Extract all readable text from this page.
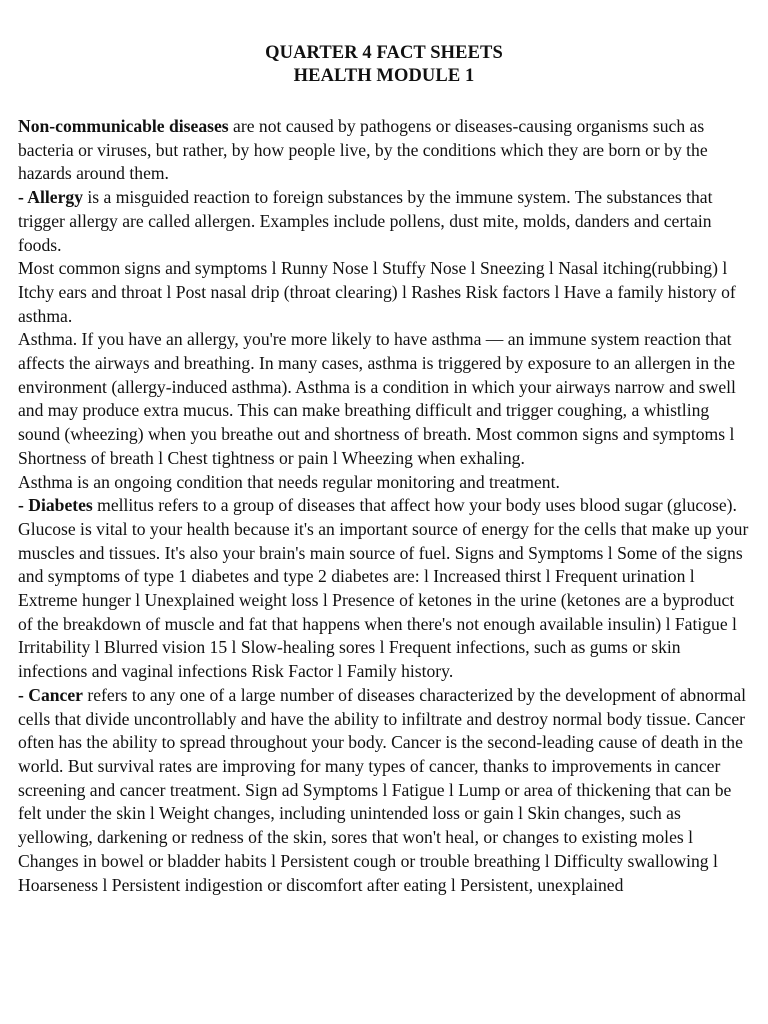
QUARTER 4 FACT SHEETS
HEALTH MODULE 1

Non-communicable diseases are not caused by pathogens or diseases-causing organisms such as bacteria or viruses, but rather, by how people live, by the conditions which they are born or by the hazards around them.

- Allergy is a misguided reaction to foreign substances by the immune system. The substances that trigger allergy are called allergen. Examples include pollens, dust mite, molds, danders and certain foods.

Most common signs and symptoms l Runny Nose l Stuffy Nose l Sneezing l Nasal itching(rubbing) l Itchy ears and throat l Post nasal drip (throat clearing) l Rashes Risk factors l Have a family history of asthma.

Asthma. If you have an allergy, you're more likely to have asthma — an immune system reaction that affects the airways and breathing. In many cases, asthma is triggered by exposure to an allergen in the environment (allergy-induced asthma). Asthma is a condition in which your airways narrow and swell and may produce extra mucus. This can make breathing difficult and trigger coughing, a whistling sound (wheezing) when you breathe out and shortness of breath. Most common signs and symptoms l Shortness of breath l Chest tightness or pain l Wheezing when exhaling.

Asthma is an ongoing condition that needs regular monitoring and treatment.

- Diabetes mellitus refers to a group of diseases that affect how your body uses blood sugar (glucose). Glucose is vital to your health because it's an important source of energy for the cells that make up your muscles and tissues. It's also your brain's main source of fuel. Signs and Symptoms l Some of the signs and symptoms of type 1 diabetes and type 2 diabetes are: l Increased thirst l Frequent urination l Extreme hunger l Unexplained weight loss l Presence of ketones in the urine (ketones are a byproduct of the breakdown of muscle and fat that happens when there's not enough available insulin) l Fatigue l Irritability l Blurred vision 15 l Slow-healing sores l Frequent infections, such as gums or skin infections and vaginal infections Risk Factor l Family history.

- Cancer refers to any one of a large number of diseases characterized by the development of abnormal cells that divide uncontrollably and have the ability to infiltrate and destroy normal body tissue. Cancer often has the ability to spread throughout your body. Cancer is the second-leading cause of death in the world. But survival rates are improving for many types of cancer, thanks to improvements in cancer screening and cancer treatment. Sign ad Symptoms l Fatigue l Lump or area of thickening that can be felt under the skin l Weight changes, including unintended loss or gain l Skin changes, such as yellowing, darkening or redness of the skin, sores that won't heal, or changes to existing moles l Changes in bowel or bladder habits l Persistent cough or trouble breathing l Difficulty swallowing l Hoarseness l Persistent indigestion or discomfort after eating l Persistent, unexplained
